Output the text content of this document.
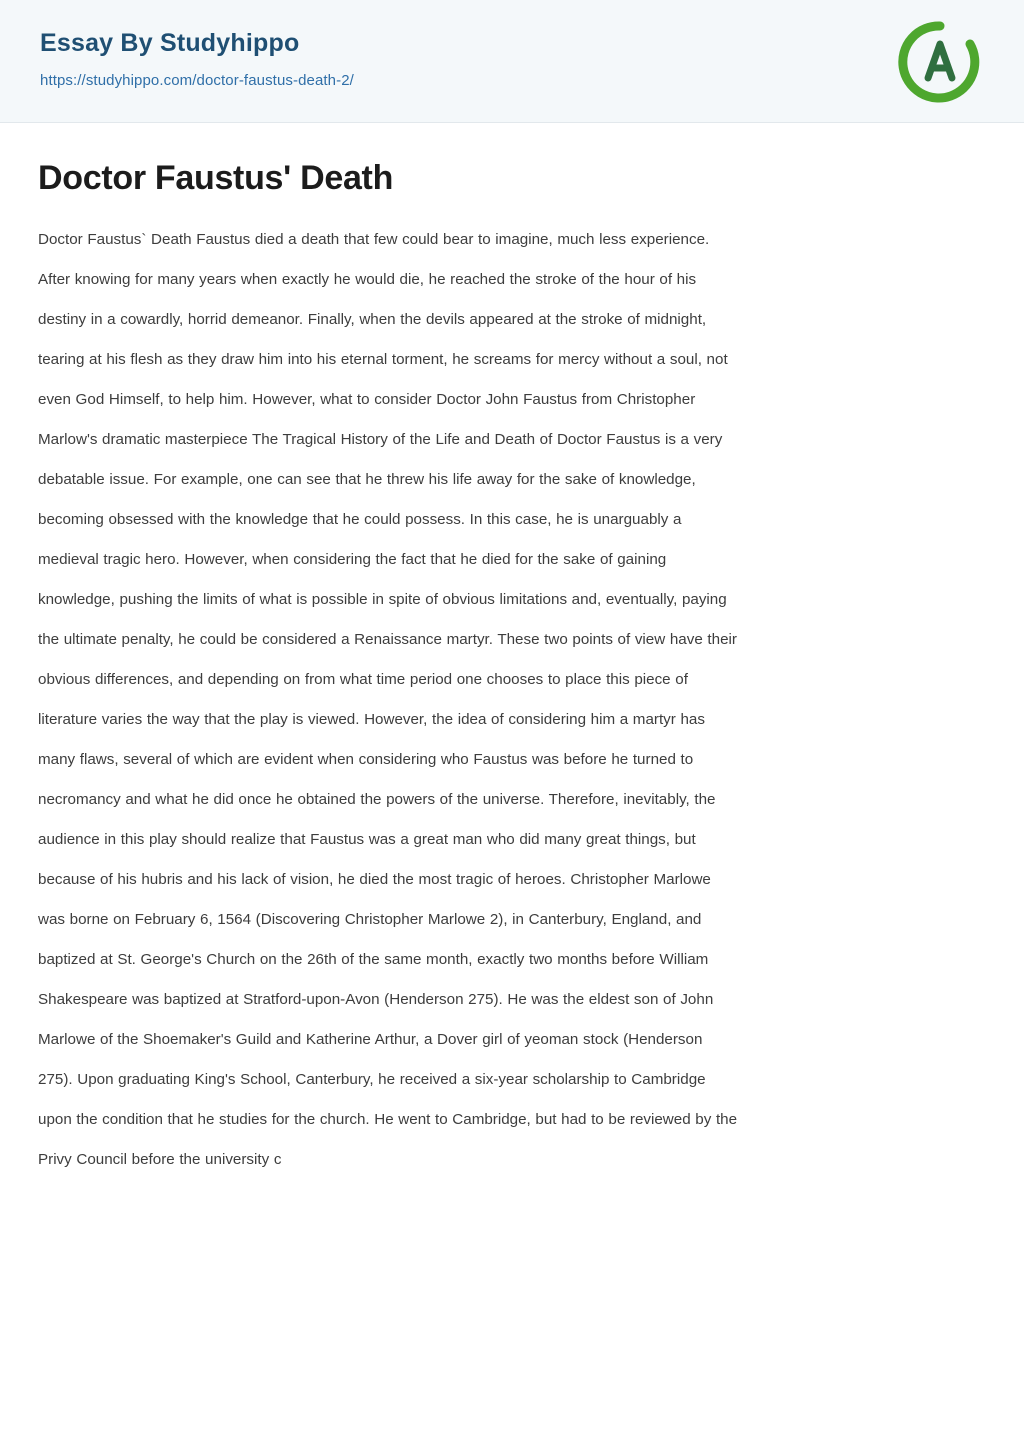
Essay By Studyhippo
https://studyhippo.com/doctor-faustus-death-2/
Doctor Faustus' Death
Doctor Faustus` Death Faustus died a death that few could bear to imagine, much less experience. After knowing for many years when exactly he would die, he reached the stroke of the hour of his destiny in a cowardly, horrid demeanor. Finally, when the devils appeared at the stroke of midnight, tearing at his flesh as they draw him into his eternal torment, he screams for mercy without a soul, not even God Himself, to help him. However, what to consider Doctor John Faustus from Christopher Marlow's dramatic masterpiece The Tragical History of the Life and Death of Doctor Faustus is a very debatable issue. For example, one can see that he threw his life away for the sake of knowledge, becoming obsessed with the knowledge that he could possess. In this case, he is unarguably a medieval tragic hero. However, when considering the fact that he died for the sake of gaining knowledge, pushing the limits of what is possible in spite of obvious limitations and, eventually, paying the ultimate penalty, he could be considered a Renaissance martyr. These two points of view have their obvious differences, and depending on from what time period one chooses to place this piece of literature varies the way that the play is viewed. However, the idea of considering him a martyr has many flaws, several of which are evident when considering who Faustus was before he turned to necromancy and what he did once he obtained the powers of the universe. Therefore, inevitably, the audience in this play should realize that Faustus was a great man who did many great things, but because of his hubris and his lack of vision, he died the most tragic of heroes. Christopher Marlowe was borne on February 6, 1564 (Discovering Christopher Marlowe 2), in Canterbury, England, and baptized at St. George's Church on the 26th of the same month, exactly two months before William Shakespeare was baptized at Stratford-upon-Avon (Henderson 275). He was the eldest son of John Marlowe of the Shoemaker's Guild and Katherine Arthur, a Dover girl of yeoman stock (Henderson 275). Upon graduating King's School, Canterbury, he received a six-year scholarship to Cambridge upon the condition that he studies for the church. He went to Cambridge, but had to be reviewed by the Privy Council before the university c
